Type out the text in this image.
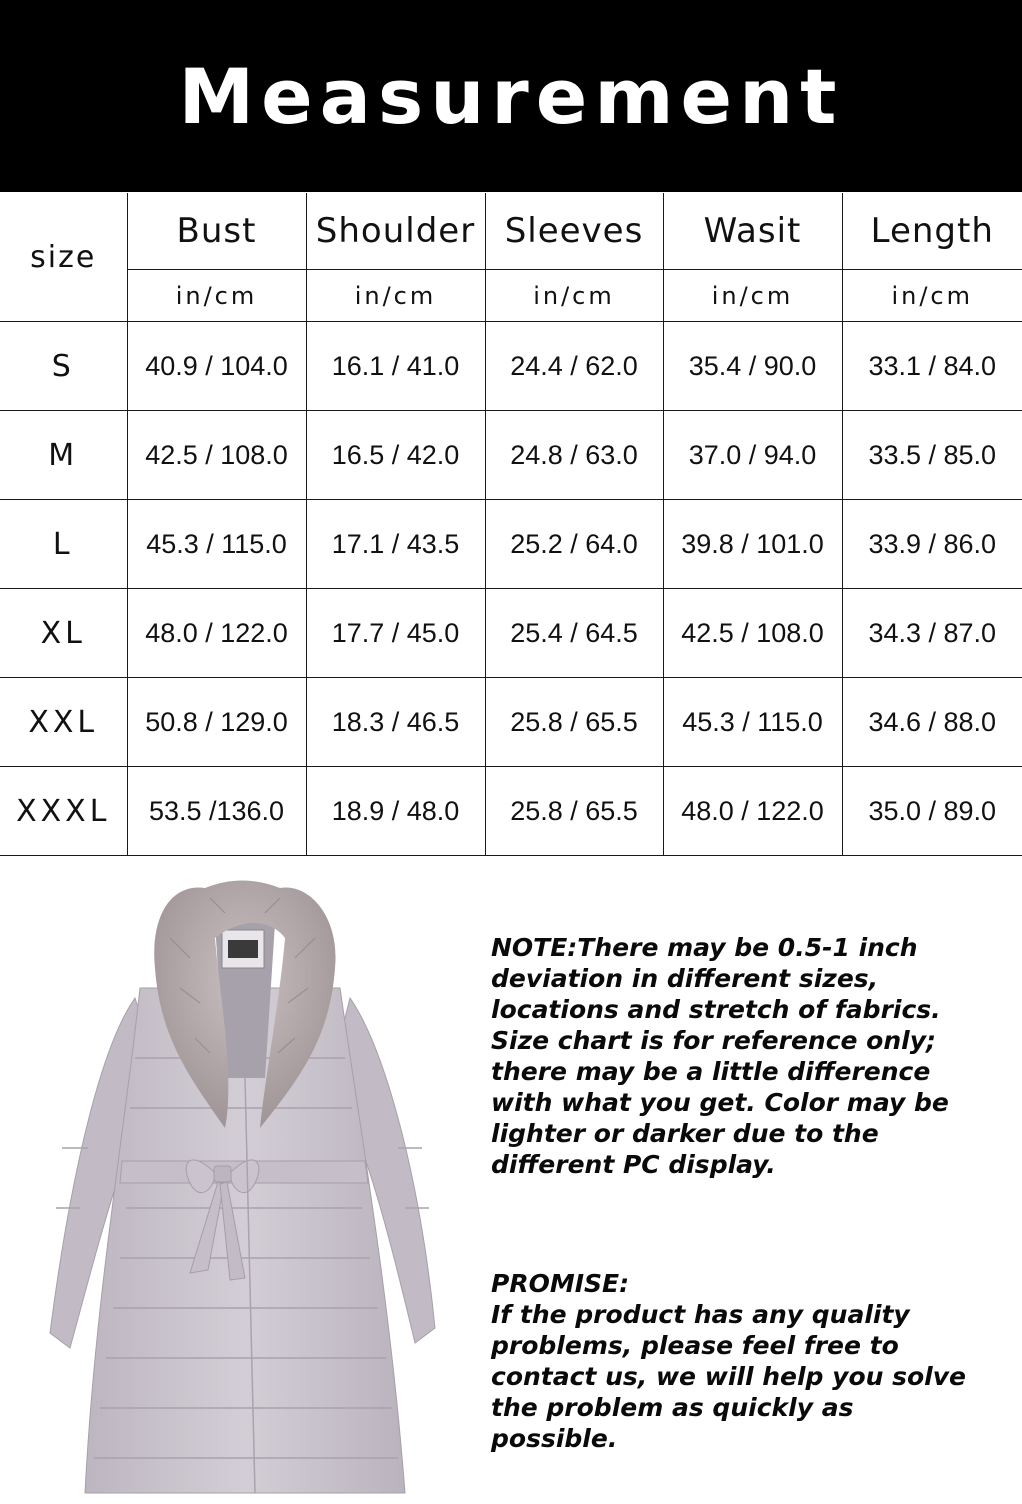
Measurement
size	Bust	Shoulder	Sleeves	Wasit	Length
	in/cm	in/cm	in/cm	in/cm	in/cm
S	40.9 / 104.0	16.1 / 41.0	24.4 / 62.0	35.4 / 90.0	33.1 / 84.0
M	42.5 / 108.0	16.5 / 42.0	24.8 / 63.0	37.0 / 94.0	33.5 / 85.0
L	45.3 / 115.0	17.1 / 43.5	25.2 / 64.0	39.8 / 101.0	33.9 / 86.0
XL	48.0 / 122.0	17.7 / 45.0	25.4 / 64.5	42.5 / 108.0	34.3 / 87.0
XXL	50.8 / 129.0	18.3 / 46.5	25.8 / 65.5	45.3 / 115.0	34.6 / 88.0
XXXL	53.5 /136.0	18.9 / 48.0	25.8 / 65.5	48.0 / 122.0	35.0 / 89.0

NOTE:There may be 0.5-1 inch

deviation in different sizes,

locations and stretch of fabrics.

Size chart is for reference only;

there may be a little difference

with what you get. Color may be

lighter or darker due to the

different PC display.

PROMISE:

If the product has any quality

problems, please feel free to

contact us, we will help you solve

the problem as quickly as

possible.
